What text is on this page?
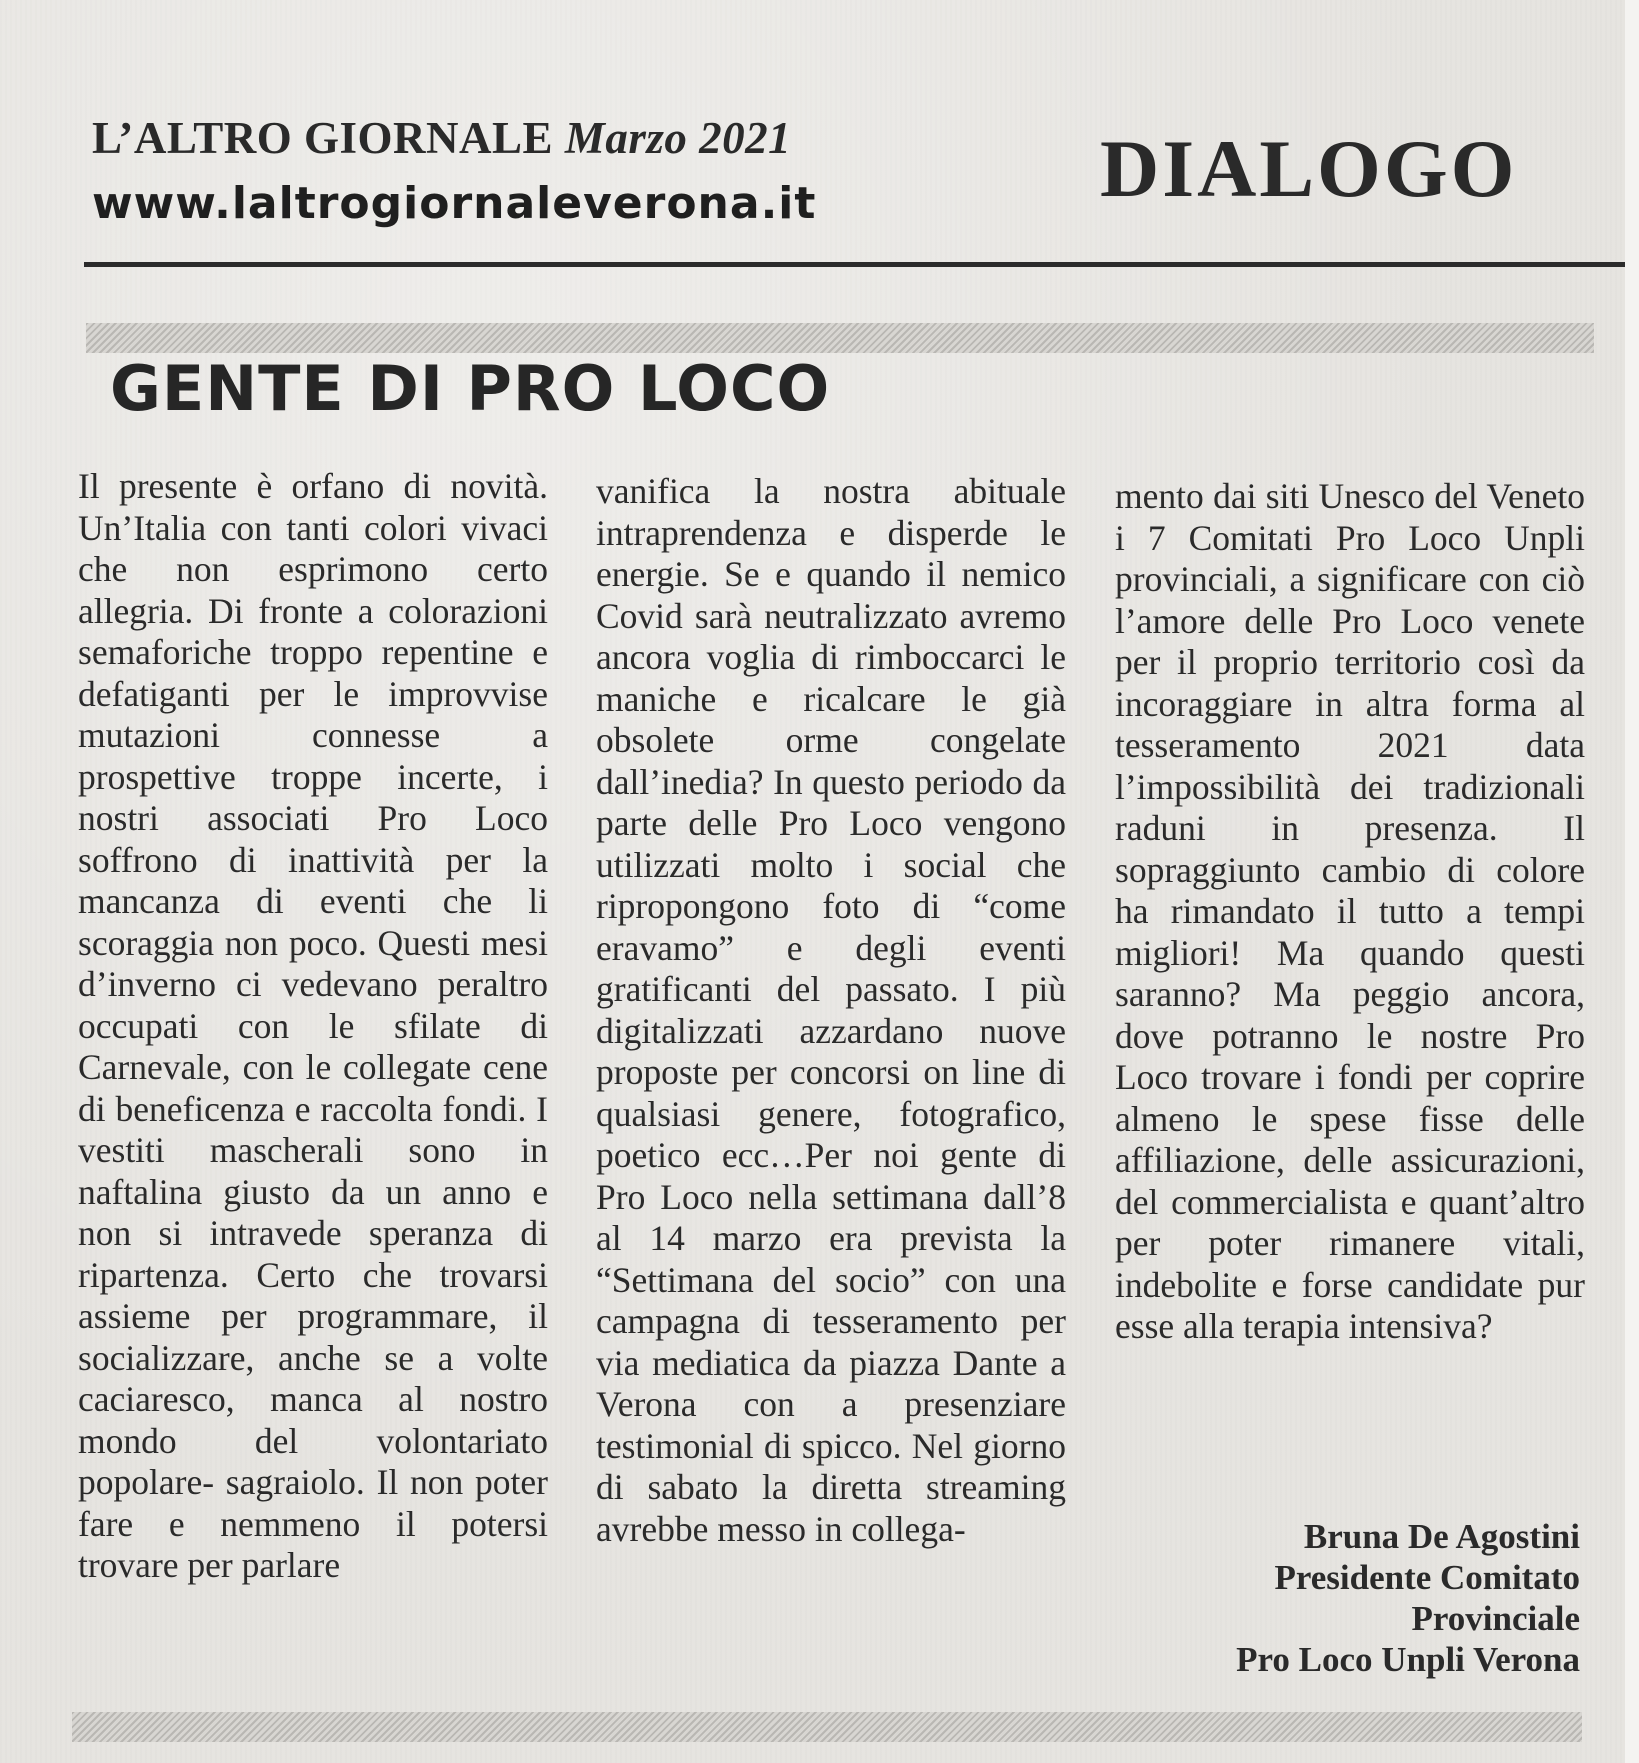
L’ALTRO GIORNALE Marzo 2021
www.laltrogiornaleverona.it	DIALOGO
GENTE DI PRO LOCO

Il presente è orfano di novità. Un’Italia con tanti colori vivaci che non esprimono certo allegria. Di fronte a colorazioni semaforiche troppo repentine e defatiganti per le improvvise mutazioni connesse a prospettive troppe incerte, i nostri associati Pro Loco soffrono di inattività per la mancanza di eventi che li scoraggia non poco. Questi mesi d’inverno ci vedevano peraltro occupati con le sfilate di Carnevale, con le collegate cene di beneficenza e raccolta fondi. I vestiti mascherali sono in naftalina giusto da un anno e non si intravede speranza di ripartenza. Certo che trovarsi assieme per programmare, il socializzare, anche se a volte caciaresco, manca al nostro mondo del volontariato popolare- sagraiolo. Il non poter fare e nemmeno il potersi trovare per parlare

vanifica la nostra abituale intraprendenza e disperde le energie. Se e quando il nemico Covid sarà neutralizzato avremo ancora voglia di rimboccarci le maniche e ricalcare le già obsolete orme congelate dall’inedia? In questo periodo da parte delle Pro Loco vengono utilizzati molto i social che ripropongono foto di “come eravamo” e degli eventi gratificanti del passato. I più digitalizzati azzardano nuove proposte per concorsi on line di qualsiasi genere, fotografico, poetico ecc…Per noi gente di Pro Loco nella settimana dall’8 al 14 marzo era prevista la “Settimana del socio” con una campagna di tesseramento per via mediatica da piazza Dante a Verona con a presenziare testimonial di spicco. Nel giorno di sabato la diretta streaming avrebbe messo in collega-

mento dai siti Unesco del Veneto i 7 Comitati Pro Loco Unpli provinciali, a significare con ciò l’amore delle Pro Loco venete per il proprio territorio così da incoraggiare in altra forma al tesseramento 2021 data l’impossibilità dei tradizionali raduni in presenza. Il sopraggiunto cambio di colore ha rimandato il tutto a tempi migliori! Ma quando questi saranno? Ma peggio ancora, dove potranno le nostre Pro Loco trovare i fondi per coprire almeno le spese fisse delle affiliazione, delle assicurazioni, del commercialista e quant’altro per poter rimanere vitali, indebolite e forse candidate pur esse alla terapia intensiva?

Bruna De Agostini
Presidente Comitato
Provinciale
Pro Loco Unpli Verona
